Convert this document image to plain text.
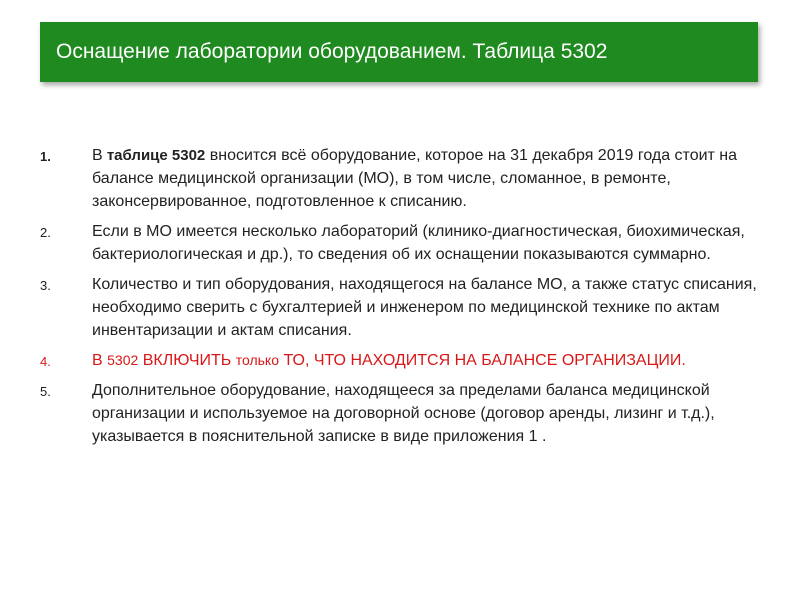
Оснащение лаборатории оборудованием. Таблица 5302
1.	В таблице 5302 вносится всё оборудование, которое на 31 декабря 2019 года стоит на балансе медицинской организации (МО), в том числе, сломанное, в ремонте, законсервированное, подготовленное к списанию.
2.	Если в МО имеется несколько лабораторий (клинико-диагностическая, биохимическая, бактериологическая и др.), то сведения об их оснащении показываются суммарно.
3.	Количество и тип оборудования, находящегося на балансе МО, а также статус списания, необходимо сверить с бухгалтерией и инженером по медицинской технике по актам инвентаризации и актам списания.
4.	В 5302 ВКЛЮЧИТЬ только ТО, ЧТО НАХОДИТСЯ НА БАЛАНСЕ ОРГАНИЗАЦИИ.
5.	Дополнительное оборудование, находящееся за пределами баланса медицинской организации и используемое на договорной основе (договор аренды, лизинг и т.д.), указывается в пояснительной записке в виде приложения 1 .
